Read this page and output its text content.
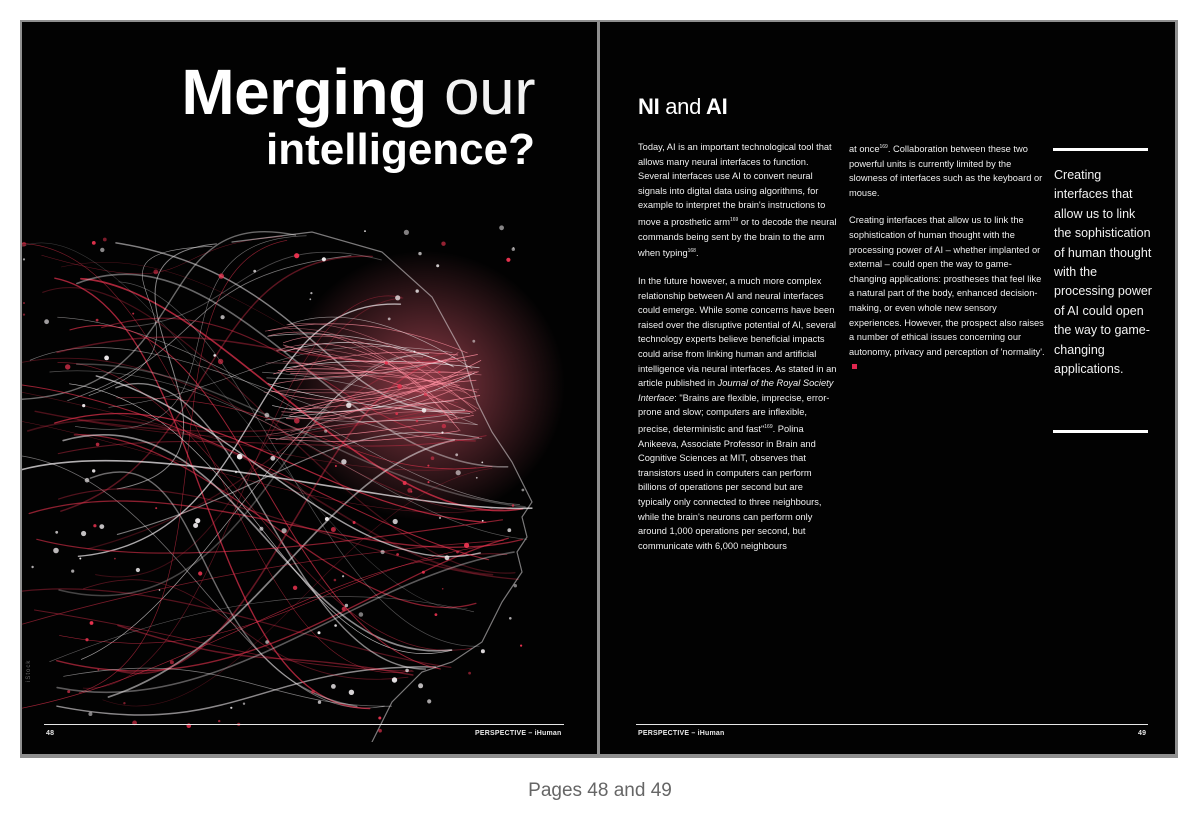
Merging our
intelligence?
iStock
48	PERSPECTIVE – iHuman
NI and AI

Today, AI is an important technological tool that allows many neural interfaces to function. Several interfaces use AI to convert neural signals into digital data using algorithms, for example to interpret the brain's instructions to move a prosthetic arm$^{169}$ or to decode the neural commands being sent by the brain to the arm when typing$^{168}$.

In the future however, a much more complex relationship between AI and neural interfaces could emerge. While some concerns have been raised over the disruptive potential of AI, several technology experts believe beneficial impacts could arise from linking human and artificial intelligence via neural interfaces. As stated in an article published in Journal of the Royal Society Interface: "Brains are flexible, imprecise, error-prone and slow; computers are inflexible, precise, deterministic and fast"$^{169}$. Polina Anikeeva, Associate Professor in Brain and Cognitive Sciences at MIT, observes that transistors used in computers can perform billions of operations per second but are typically only connected to three neighbours, while the brain's neurons can perform only around 1,000 operations per second, but communicate with 6,000 neighbours

at once$^{169}$. Collaboration between these two powerful units is currently limited by the slowness of interfaces such as the keyboard or mouse.

Creating interfaces that allow us to link the sophistication of human thought with the processing power of AI – whether implanted or external – could open the way to game-changing applications: prostheses that feel like a natural part of the body, enhanced decision-making, or even whole new sensory experiences. However, the prospect also raises a number of ethical issues concerning our autonomy, privacy and perception of 'normality'.

Creating interfaces that allow us to link the sophistication of human thought with the processing power of AI could open the way to game-changing applications.

PERSPECTIVE – iHuman	49
Pages 48 and 49
